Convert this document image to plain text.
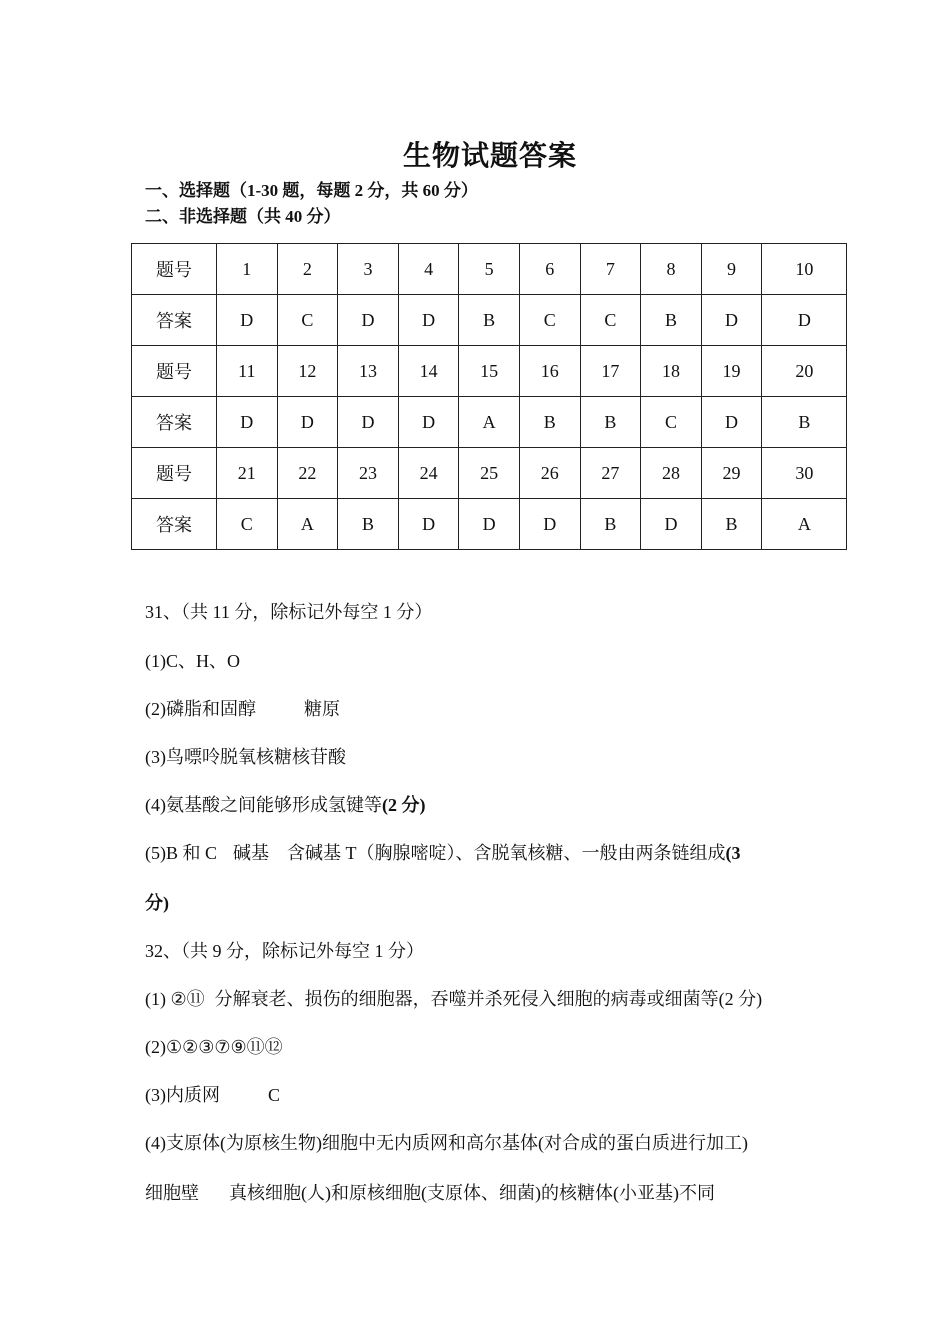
生物试题答案
一、选择题（1-30 题，每题 2 分，共 60 分）
二、非选择题（共 40 分）
题号	1	2	3	4	5	6	7	8	9	10
答案	D	C	D	D	B	C	C	B	D	D
题号	11	12	13	14	15	16	17	18	19	20
答案	D	D	D	D	A	B	B	C	D	B
题号	21	22	23	24	25	26	27	28	29	30
答案	C	A	B	D	D	D	B	D	B	A
31、（共 11 分，除标记外每空 1 分）
(1)C、H、O
(2)磷脂和固醇	糖原
(3)鸟嘌呤脱氧核糖核苷酸
(4)氨基酸之间能够形成氢键等(2 分)
(5)B 和 C 碱基 含碱基 T（胸腺嘧啶）、含脱氧核糖、一般由两条链组成(3
分)
32、（共 9 分，除标记外每空 1 分）
(1) ②⑪ 分解衰老、损伤的细胞器，吞噬并杀死侵入细胞的病毒或细菌等(2 分)
(2)①②③⑦⑨⑪⑫
(3)内质网	C
(4)支原体(为原核生物)细胞中无内质网和高尔基体(对合成的蛋白质进行加工)
细胞壁 真核细胞(人)和原核细胞(支原体、细菌)的核糖体(小亚基)不同
